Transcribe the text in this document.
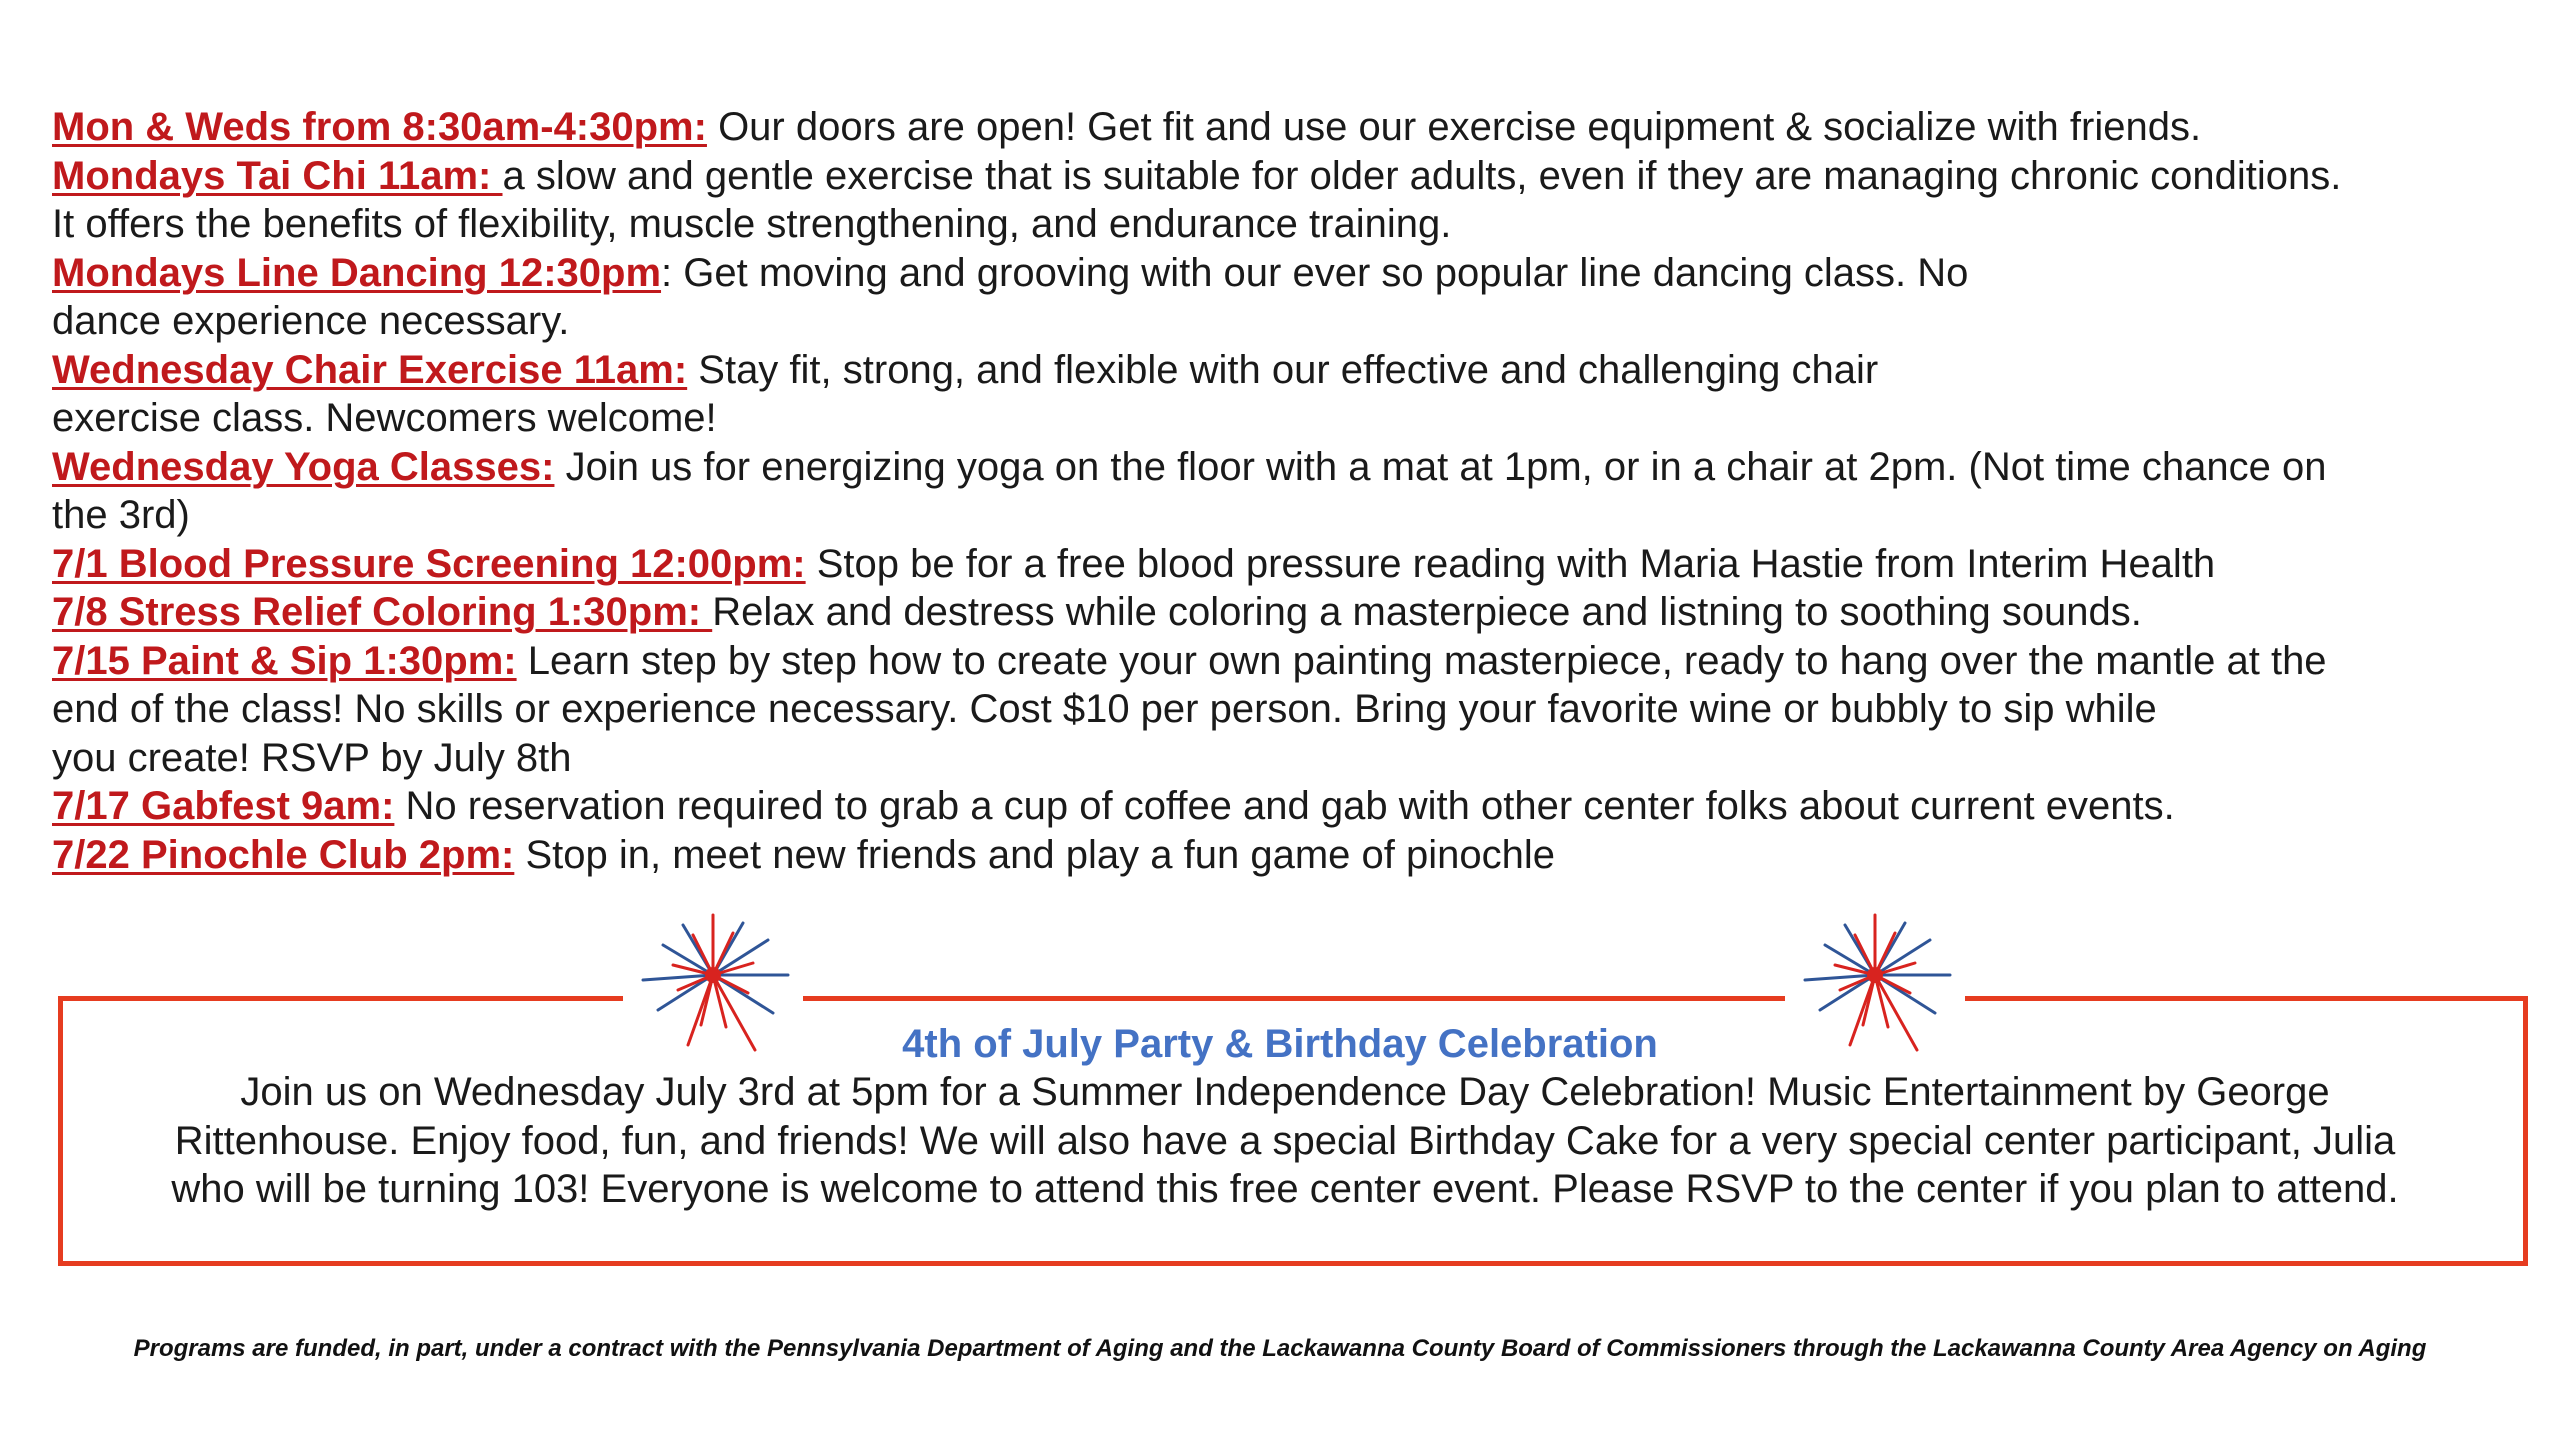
Mon & Weds from 8:30am-4:30pm: Our doors are open! Get fit and use our exercise equipment & socialize with friends.

Mondays Tai Chi 11am: a slow and gentle exercise that is suitable for older adults, even if they are managing chronic conditions.
It offers the benefits of flexibility, muscle strengthening, and endurance training.

Mondays Line Dancing 12:30pm: Get moving and grooving with our ever so popular line dancing class. No
dance experience necessary.

Wednesday Chair Exercise 11am: Stay fit, strong, and flexible with our effective and challenging chair
exercise class. Newcomers welcome!

Wednesday Yoga Classes: Join us for energizing yoga on the floor with a mat at 1pm, or in a chair at 2pm. (Not time chance on
the 3rd)

7/1 Blood Pressure Screening 12:00pm: Stop be for a free blood pressure reading with Maria Hastie from Interim Health

7/8 Stress Relief Coloring 1:30pm: Relax and destress while coloring a masterpiece and listning to soothing sounds.

7/15 Paint & Sip 1:30pm: Learn step by step how to create your own painting masterpiece, ready to hang over the mantle at the
end of the class! No skills or experience necessary. Cost $10 per person. Bring your favorite wine or bubbly to sip while
you create! RSVP by July 8th

7/17 Gabfest 9am: No reservation required to grab a cup of coffee and gab with other center folks about current events.

7/22 Pinochle Club 2pm: Stop in, meet new friends and play a fun game of pinochle

4th of July Party & Birthday Celebration
Join us on Wednesday July 3rd at 5pm for a Summer Independence Day Celebration! Music Entertainment by George
Rittenhouse. Enjoy food, fun, and friends! We will also have a special Birthday Cake for a very special center participant, Julia
who will be turning 103! Everyone is welcome to attend this free center event. Please RSVP to the center if you plan to attend.
Programs are funded, in part, under a contract with the Pennsylvania Department of Aging and the Lackawanna County Board of Commissioners through the Lackawanna County Area Agency on Aging
